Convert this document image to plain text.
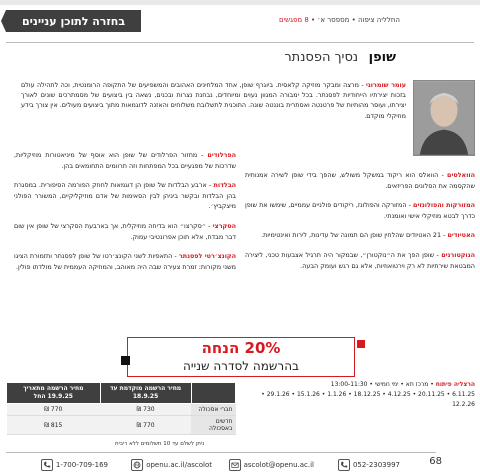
בחזרה לתוכן עניינים	החלליה ציפוה • מספסר א׳ • 8 מפגשים
שופן נסיך הפסנתר
עומר שומרוני - מרצה ומבקר מוזיקה קלאסית. ביוגרף שופן, אחד המלחינים האהובים והמשפיעים של התקופה הרומנטית, וכה לתהילה עולם בזכות יצירתיו הייחודיות לפסנתר. בכל ימבורה המגוון נעוים ומיוחדים, נבחנת נצרות ובכנים, נשאה בין ביצועים של מסמתרכים שונים לאורך יצירתו, ועוסר מהותיות של פרטנטה ואסתרית בוננטה שונה. התוכנית לתשלובת משלוחים והאזנה לדוגמאות מתוך ביצועים מעולים. אין צורך בידע מוזיקלי מוקדם.

הוואלסים - הוואלס הוא ריקוד במשקל משולש, שהפך בידי שופן לשירה אמנותית שהקסמה את הסלונים הפריזאים.

המזורקות והפולונזים - המזורקה והפולונז, ריקודים פולניים עממיים, שימשו את שופן כדרך לבטא מוזיקלי אישי ואומנתי.

האטיודים - 21 האטיודים שהלחין שופן הם תמונה של עדינות, לירות ואינטימיות.

הנוקטורנים - שופן הפך את ה״נוקטורן״, שבמקור היה תרגיל אצבעות טכני, ליצירה המבטאת שירתיות לא רק וירטואוזיות, אלא גם רגש ועומק הבעה.

הפרלודים - מחזור הפרלודים של שופן הוא אוסף של מיניאטורות מוזיקליות, שדרכות של מפגעיים בכל המפתחות וזה תרוומים התחומאים בהן.

הבלדות - ארבע הבלדות של שופן הן דוגמאות לחוזק הפורמה הסיפורית. במסגרת בהן הבלדות ובקשר ביניהן לבין הסאימות של אדם מוזיקליקיים, המשורר הפולני מיצקביץ׳.

הסקרצי - ״סקרצו״ הוא בדיחה מוזיקלית, אך בארבעת הסקרצי של שופן אין שום דבר מבדח, אלא תוכן אפרונטיבי עמוק.

הקונצ׳רטי לפסנתר - התאפיות לשני הקונצ׳רטו של שופן לפסנתר ותזמורת הציגו משני מקורות: זמרת צעירה שבה היה מאוהב, והמוזיקה העממית של מולדתו פולין.

20% הנחה
בהרשמה לסדרה שנייה
הרצליה פיתוח • מרכז תא • ימי חמישי • 13:00-11:30
6.11.25 • 20.11.25 • 4.12.25 • 18.12.25 • 1.1.26 • 15.1.26 • 29.1.26 • 12.2.26
	מחיר הרשמה מוקדמת עד 18.9.25	מחיר הרשמה מתאריך 19.9.25 החל
חברי אסכולה	730 ₪	770 ₪
חדשים באסכולה	770 ₪	815 ₪
ניתן לשלם עד 10 תשלומים ללא ריבית
68
052-2303997
ascolot@openu.ac.il
openu.ac.il/ascolot
1-700-709-169
